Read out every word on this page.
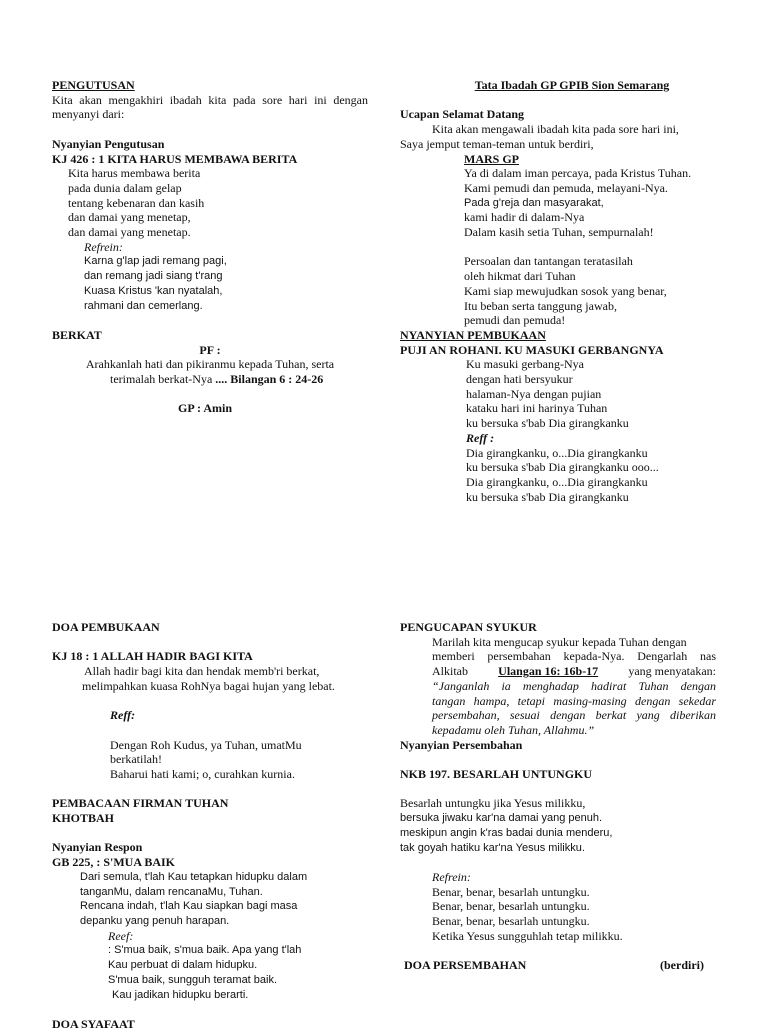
PENGUTUSAN
Kita akan mengakhiri ibadah kita pada sore hari ini dengan
menyanyi dari:
Nyanyian Pengutusan
KJ 426 : 1 KITA HARUS MEMBAWA BERITA
Kita harus membawa berita
pada dunia dalam gelap
tentang kebenaran dan kasih
dan damai yang menetap,
dan damai yang menetap.
Refrein:
Karna g'lap jadi remang pagi,
dan remang jadi siang t'rang
Kuasa Kristus 'kan nyatalah,
rahmani dan cemerlang.
BERKAT
PF :
Arahkanlah hati dan pikiranmu kepada Tuhan, serta
terimalah berkat-Nya .... Bilangan 6 : 24-26
GP : Amin
Tata Ibadah GP GPIB Sion Semarang
Ucapan Selamat Datang
Kita akan mengawali ibadah kita pada sore hari ini,
Saya jemput teman-teman untuk berdiri,
MARS GP
Ya di dalam iman percaya, pada Kristus Tuhan.
Kami pemudi dan pemuda, melayani-Nya.
Pada g'reja dan masyarakat,
kami hadir di dalam-Nya
Dalam kasih setia Tuhan, sempurnalah!
Persoalan dan tantangan teratasilah
oleh hikmat dari Tuhan
Kami siap mewujudkan sosok yang benar,
Itu beban serta tanggung jawab,
pemudi dan pemuda!
NYANYIAN PEMBUKAAN
PUJI AN ROHANI. KU MASUKI GERBANGNYA
Ku masuki gerbang-Nya
dengan hati bersyukur
halaman-Nya dengan pujian
kataku hari ini harinya Tuhan
ku bersuka s'bab Dia girangkanku
Reff :
Dia girangkanku, o...Dia girangkanku
ku bersuka s'bab Dia girangkanku ooo...
Dia girangkanku, o...Dia girangkanku
ku bersuka s'bab Dia girangkanku
DOA PEMBUKAAN
KJ 18 : 1 ALLAH HADIR BAGI KITA
Allah hadir bagi kita dan hendak memb'ri berkat,
melimpahkan kuasa RohNya bagai hujan yang lebat.
Reff:
Dengan Roh Kudus, ya Tuhan, umatMu
berkatilah!
Baharui hati kami; o, curahkan kurnia.
PEMBACAAN FIRMAN TUHAN
KHOTBAH
Nyanyian Respon
GB 225, : S'MUA BAIK
Dari semula, t'lah Kau tetapkan hidupku dalam
tanganMu, dalam rencanaMu, Tuhan.
Rencana indah, t'lah Kau siapkan bagi masa
depanku yang penuh harapan.
Reef:
: S'mua baik, s'mua baik. Apa yang t'lah
Kau perbuat di dalam hidupku.
S'mua baik, sungguh teramat baik.
Kau jadikan hidupku berarti.
DOA SYAFAAT
PENGUCAPAN SYUKUR
Marilah kita mengucap syukur kepada Tuhan dengan
memberi persembahan kepada-Nya. Dengarlah nas
Alkitab	Ulangan 16: 16b-17	yang menyatakan:
“Janganlah ia menghadap hadirat Tuhan dengan
tangan hampa, tetapi masing-masing dengan sekedar
persembahan, sesuai dengan berkat yang diberikan
kepadamu oleh Tuhan, Allahmu.”
Nyanyian Persembahan
NKB 197. BESARLAH UNTUNGKU
Besarlah untungku jika Yesus milikku,
bersuka jiwaku kar'na damai yang penuh.
meskipun angin k'ras badai dunia menderu,
tak goyah hatiku kar'na Yesus milikku.
Refrein:
Benar, benar, besarlah untungku.
Benar, benar, besarlah untungku.
Benar, benar, besarlah untungku.
Ketika Yesus sungguhlah tetap milikku.
DOA PERSEMBAHAN	(berdiri)
